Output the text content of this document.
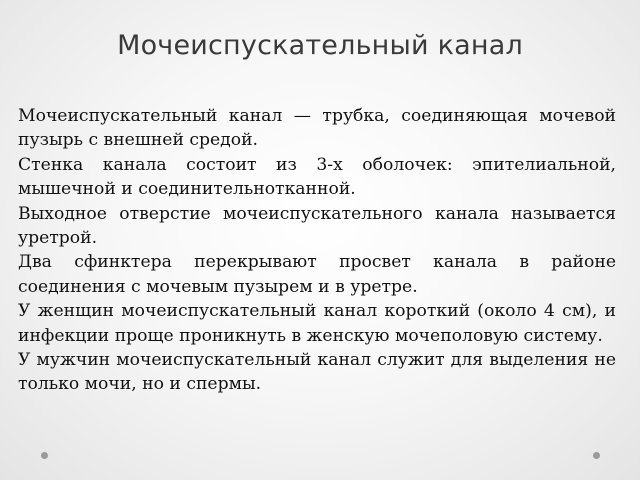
Мочеиспускательный канал

Мочеиспускательный канал — трубка, соединяющая мочевой пузырь с внешней средой.

Стенка канала состоит из 3-х оболочек: эпителиальной, мышечной и соединительнотканной.

Выходное отверстие мочеиспускательного канала называется уретрой.

Два сфинктера перекрывают просвет канала в районе соединения с мочевым пузырем и в уретре.

У женщин мочеиспускательный канал короткий (около 4 см), и инфекции проще проникнуть в женскую мочеполовую систему.

У мужчин мочеиспускательный канал служит для выделения не только мочи, но и спермы.
